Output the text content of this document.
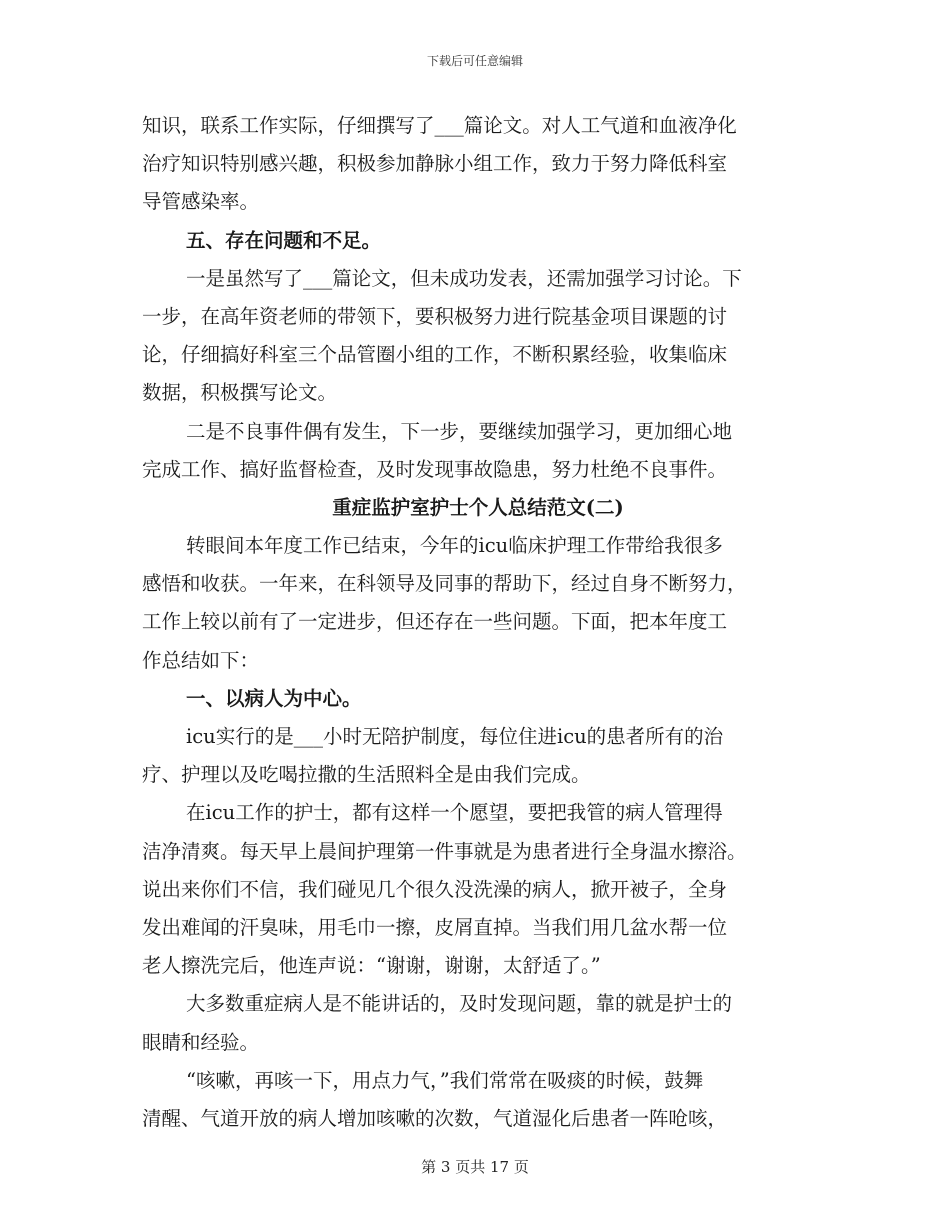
下载后可任意编辑
知识，联系工作实际，仔细撰写了___篇论文。对人工气道和血液净化
治疗知识特别感兴趣，积极参加静脉小组工作，致力于努力降低科室
导管感染率。
五、存在问题和不足。
一是虽然写了___篇论文，但未成功发表，还需加强学习讨论。下
一步，在高年资老师的带领下，要积极努力进行院基金项目课题的讨
论，仔细搞好科室三个品管圈小组的工作，不断积累经验，收集临床
数据，积极撰写论文。
二是不良事件偶有发生，下一步，要继续加强学习，更加细心地
完成工作、搞好监督检查，及时发现事故隐患，努力杜绝不良事件。
重症监护室护士个人总结范文(二)
转眼间本年度工作已结束，今年的icu临床护理工作带给我很多
感悟和收获。一年来，在科领导及同事的帮助下，经过自身不断努力，
工作上较以前有了一定进步，但还存在一些问题。下面，把本年度工
作总结如下：
一、以病人为中心。
icu实行的是___小时无陪护制度，每位住进icu的患者所有的治
疗、护理以及吃喝拉撒的生活照料全是由我们完成。
在icu工作的护士，都有这样一个愿望，要把我管的病人管理得
洁净清爽。每天早上晨间护理第一件事就是为患者进行全身温水擦浴。
说出来你们不信，我们碰见几个很久没洗澡的病人，掀开被子，全身
发出难闻的汗臭味，用毛巾一擦，皮屑直掉。当我们用几盆水帮一位
老人擦洗完后，他连声说：“谢谢，谢谢，太舒适了。”
大多数重症病人是不能讲话的，及时发现问题，靠的就是护士的
眼睛和经验。
“咳嗽，再咳一下，用点力气，”我们常常在吸痰的时候，鼓舞
清醒、气道开放的病人增加咳嗽的次数，气道湿化后患者一阵呛咳，
第 3 页共 17 页
